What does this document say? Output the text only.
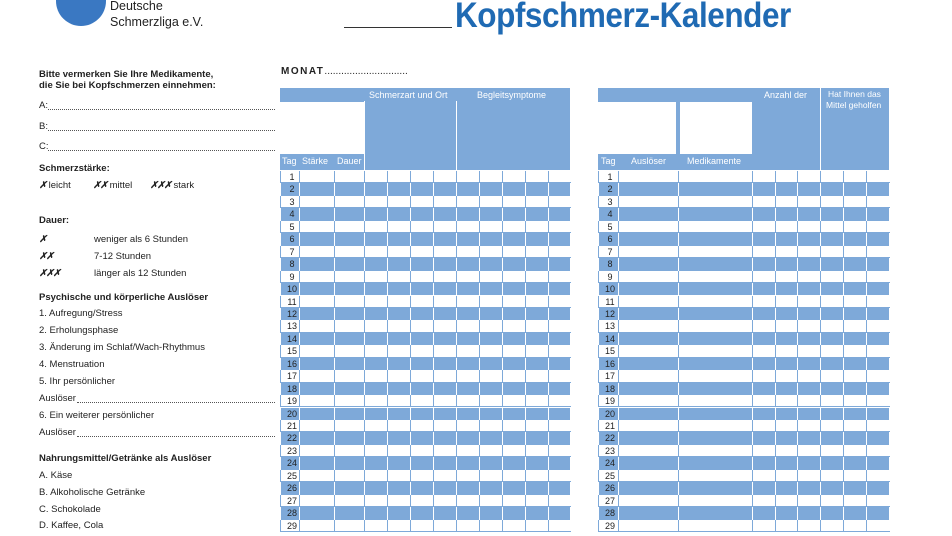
Deutsche
Schmerzliga e.V.	Kopfschmerz-Kalender
MONAT..............................
Bitte vermerken Sie Ihre Medikamente,
die Sie bei Kopfschmerzen einnehmen:
A:
B:
C:
Schmerzstärke:
✗ leicht ✗✗ mittel ✗✗✗ stark
Dauer:
✗	weniger als 6 Stunden
✗✗	7-12 Stunden
✗✗✗	länger als 12 Stunden
Psychische und körperliche Auslöser
1. Aufregung/Stress
2. Erholungsphase
3. Änderung im Schlaf/Wach-Rhythmus
4. Menstruation
5. Ihr persönlicher
Auslöser
6. Ein weiterer persönlicher
Auslöser
Nahrungsmittel/Getränke als Auslöser
A. Käse
B. Alkoholische Getränke
C. Schokolade
D. Kaffee, Cola
Schmerzart und Ort	Begleitsymptome
Tag Stärke Dauer
Anzahl der Hat Ihnen das
Mittel geholfen
Tag Auslöser Medikamente
1	1
2	2
3	3
4	4
5	5
6	6
7	7
8	8
9	9
10	10
11	11
12	12
13	13
14	14
15	15
16	16
17	17
18	18
19	19
20	20
21	21
22	22
23	23
24	24
25	25
26	26
27	27
28	28
29	29
